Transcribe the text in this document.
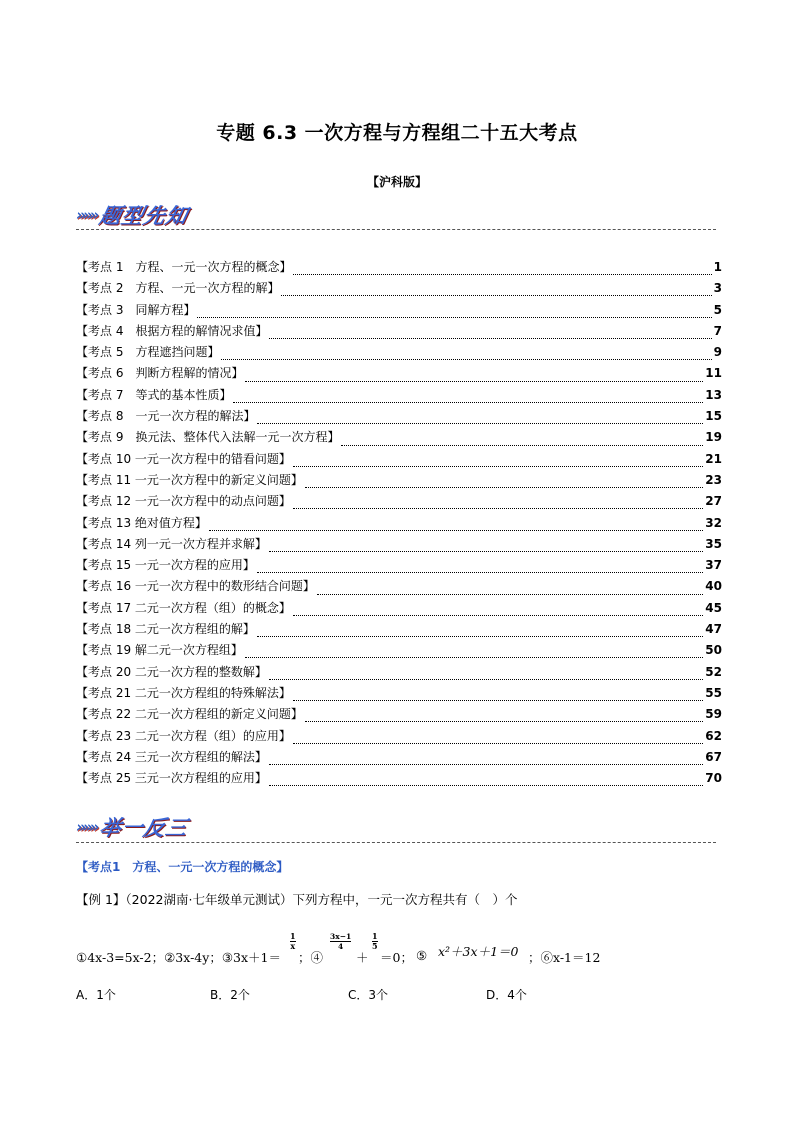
专题 6.3 一次方程与方程组二十五大考点
【沪科版】
»»» 题型先知
【考点 1　方程、一元一次方程的概念】	1
【考点 2　方程、一元一次方程的解】	3
【考点 3　同解方程】	5
【考点 4　根据方程的解情况求值】	7
【考点 5　方程遮挡问题】	9
【考点 6　判断方程解的情况】	11
【考点 7　等式的基本性质】	13
【考点 8　一元一次方程的解法】	15
【考点 9　换元法、整体代入法解一元一次方程】	19
【考点 10 一元一次方程中的错看问题】	21
【考点 11 一元一次方程中的新定义问题】	23
【考点 12 一元一次方程中的动点问题】	27
【考点 13 绝对值方程】	32
【考点 14 列一元一次方程并求解】	35
【考点 15 一元一次方程的应用】	37
【考点 16 一元一次方程中的数形结合问题】	40
【考点 17 二元一次方程（组）的概念】	45
【考点 18 二元一次方程组的解】	47
【考点 19 解二元一次方程组】	50
【考点 20 二元一次方程的整数解】	52
【考点 21 二元一次方程组的特殊解法】	55
【考点 22 二元一次方程组的新定义问题】	59
【考点 23 二元一次方程（组）的应用】	62
【考点 24 三元一次方程组的解法】	67
【考点 25 三元一次方程组的应用】	70
»»» 举一反三
【考点1　方程、一元一次方程的概念】
【例 1】（2022湖南·七年级单元测试）下列方程中，一元一次方程共有（　）个
①4x-3=5x-2；②3x-4y；③3x＋1＝
1
x
；④
3x−1
4
＋
1
5
＝0； ⑤ x²＋3x＋1＝0 ；⑥x-1＝12
A．1个	B．2个	C．3个	D．4个
